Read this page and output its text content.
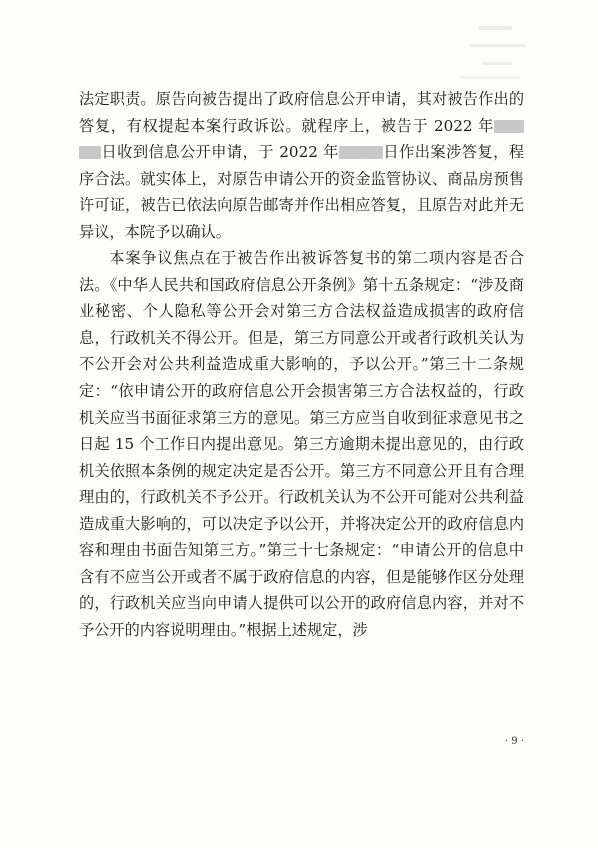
法定职责。原告向被告提出了政府信息公开申请，其对被告作出的答复，有权提起本案行政诉讼。就程序上，被告于 2022 年日收到信息公开申请，于 2022 年	日作出案涉答复，程序合法。就实体上，对原告申请公开的资金监管协议、商品房预售许可证，被告已依法向原告邮寄并作出相应答复，且原告对此并无异议，本院予以确认。

本案争议焦点在于被告作出被诉答复书的第二项内容是否合法。《中华人民共和国政府信息公开条例》第十五条规定：“涉及商业秘密、个人隐私等公开会对第三方合法权益造成损害的政府信息，行政机关不得公开。但是，第三方同意公开或者行政机关认为不公开会对公共利益造成重大影响的，予以公开。”第三十二条规定：“依申请公开的政府信息公开会损害第三方合法权益的，行政机关应当书面征求第三方的意见。第三方应当自收到征求意见书之日起 15 个工作日内提出意见。第三方逾期未提出意见的，由行政机关依照本条例的规定决定是否公开。第三方不同意公开且有合理理由的，行政机关不予公开。行政机关认为不公开可能对公共利益造成重大影响的，可以决定予以公开，并将决定公开的政府信息内容和理由书面告知第三方。”第三十七条规定：“申请公开的信息中含有不应当公开或者不属于政府信息的内容，但是能够作区分处理的，行政机关应当向申请人提供可以公开的政府信息内容，并对不予公开的内容说明理由。”根据上述规定，涉

· 9 ·
